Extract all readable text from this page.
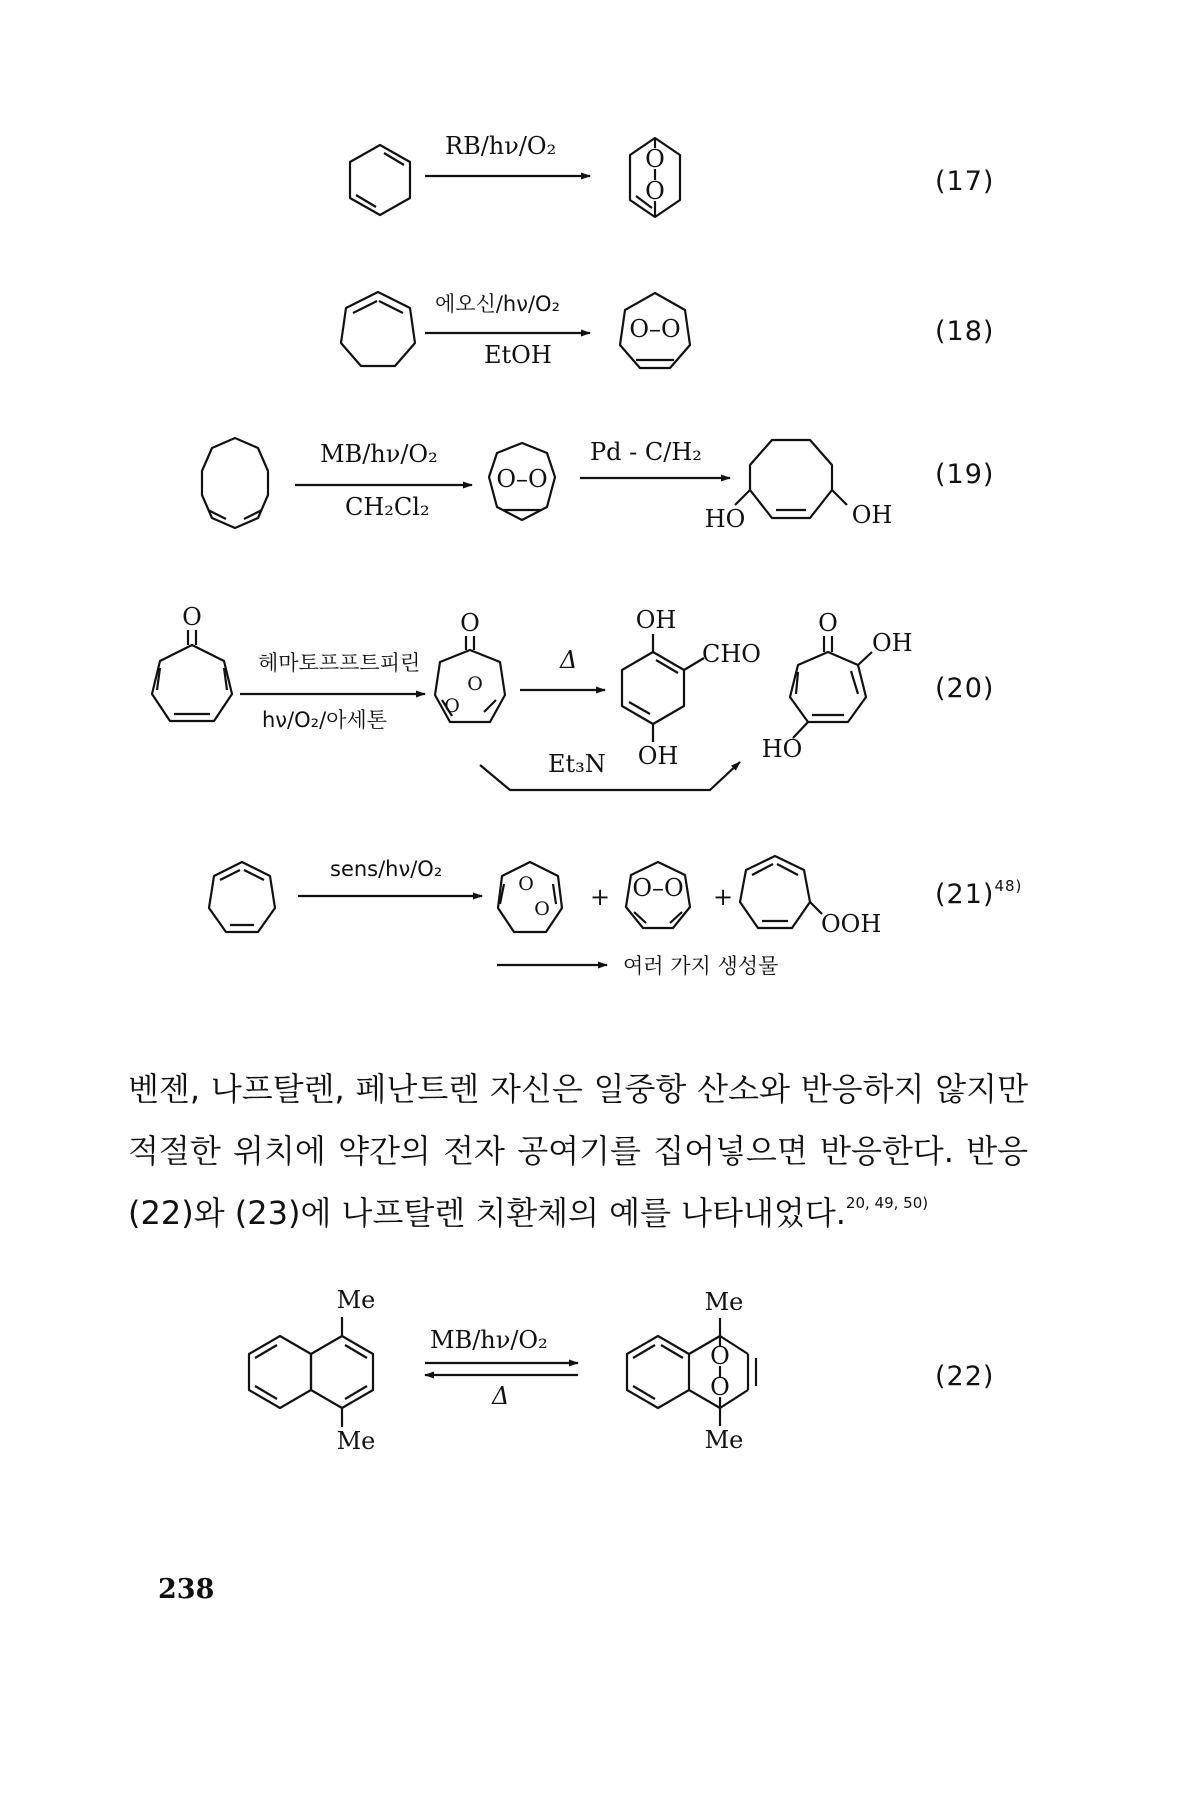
RB/hν/O₂	O
O	(17)
에오신/hν/O₂
EtOH
O–O	(18)
MB/hν/O₂
CH₂Cl₂
O–O
Pd - C/H₂
HO	OH
(19)
O
헤마토프프트피린
hν/O₂/아세톤
O
O
O
Δ
OH
CHO
OH
Et₃N
O
OH
HO
(20)
sens/hν/O₂
O
O + O–O +
OOH
$(21)^{48)}$
여러 가지 생성물
Me
Me
MB/hν/O₂
Δ
Me
O
O
Me
(22)

벤젠, 나프탈렌, 페난트렌 자신은 일중항 산소와 반응하지 않지만 적절한 위치에 약간의 전자 공여기를 집어넣으면 반응한다. 반응 (22)와 (23)에 나프탈렌 치환체의 예를 나타내었다.$^{20, 49, 50)}$

238
